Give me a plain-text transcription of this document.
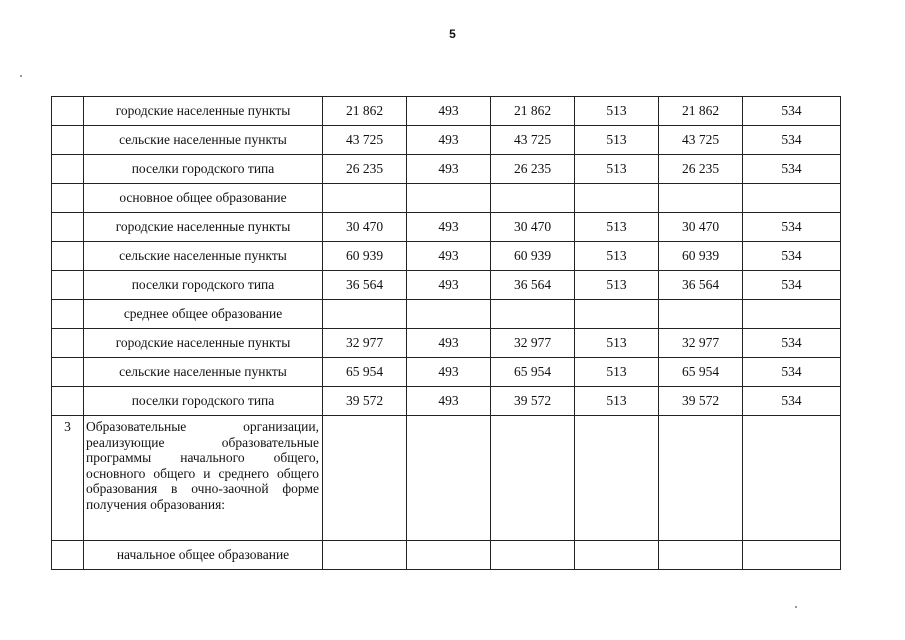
5
	городские населенные пункты	21 862	493	21 862	513	21 862	534
	сельские населенные пункты	43 725	493	43 725	513	43 725	534
	поселки городского типа	26 235	493	26 235	513	26 235	534
	основное общее образование						
	городские населенные пункты	30 470	493	30 470	513	30 470	534
	сельские населенные пункты	60 939	493	60 939	513	60 939	534
	поселки городского типа	36 564	493	36 564	513	36 564	534
	среднее общее образование						
	городские населенные пункты	32 977	493	32 977	513	32 977	534
	сельские населенные пункты	65 954	493	65 954	513	65 954	534
	поселки городского типа	39 572	493	39 572	513	39 572	534
3	Образовательные организации, реализующие образовательные программы начального общего, основного общего и среднего общего образования в очно-заочной форме получения образования:						
	начальное общее образование						
